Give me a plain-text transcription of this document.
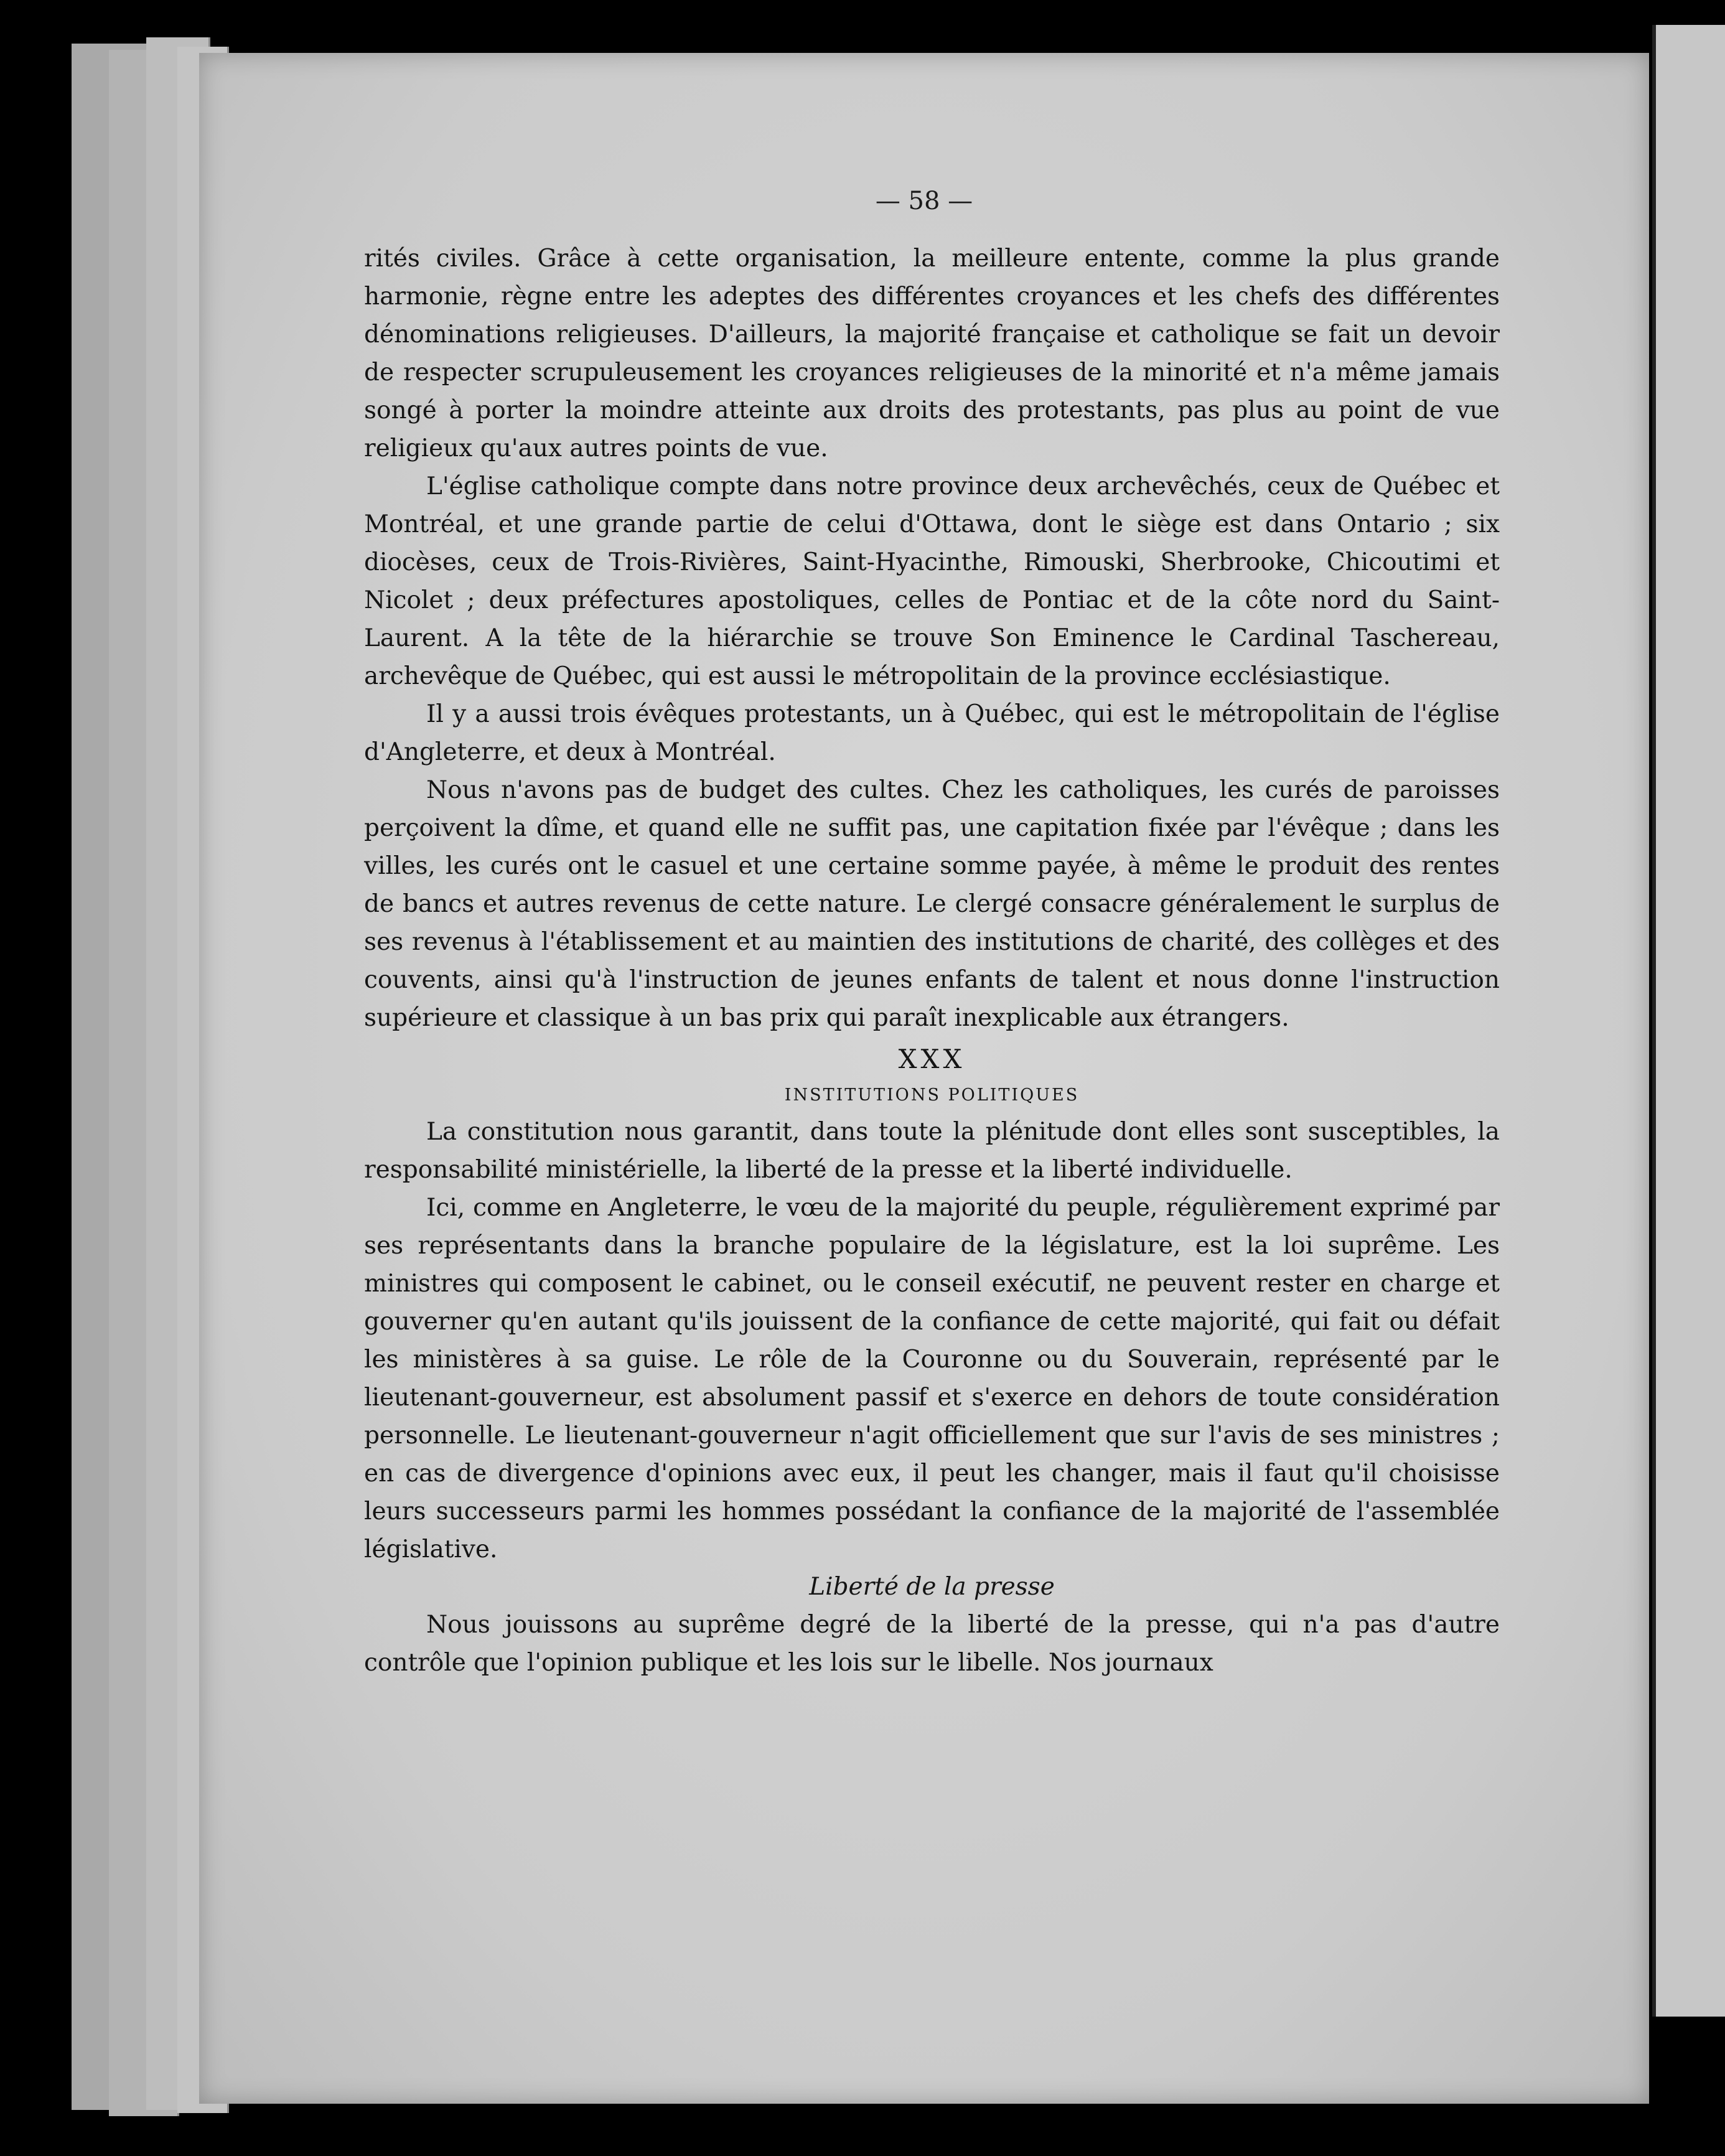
— 58 —

rités civiles. Grâce à cette organisation, la meilleure entente, comme la plus grande harmonie, règne entre les adeptes des différentes croyances et les chefs des différentes dénominations religieuses. D'ailleurs, la majorité française et catholique se fait un devoir de respecter scrupuleusement les croyances religieuses de la minorité et n'a même jamais songé à porter la moindre atteinte aux droits des protestants, pas plus au point de vue religieux qu'aux autres points de vue.

L'église catholique compte dans notre province deux archevêchés, ceux de Québec et Montréal, et une grande partie de celui d'Ottawa, dont le siège est dans Ontario ; six diocèses, ceux de Trois-Rivières, Saint-Hyacinthe, Rimouski, Sherbrooke, Chicoutimi et Nicolet ; deux préfectures apostoliques, celles de Pontiac et de la côte nord du Saint-Laurent. A la tête de la hiérarchie se trouve Son Eminence le Cardinal Taschereau, archevêque de Québec, qui est aussi le métropolitain de la province ecclésiastique.

Il y a aussi trois évêques protestants, un à Québec, qui est le métropolitain de l'église d'Angleterre, et deux à Montréal.

Nous n'avons pas de budget des cultes. Chez les catholiques, les curés de paroisses perçoivent la dîme, et quand elle ne suffit pas, une capitation fixée par l'évêque ; dans les villes, les curés ont le casuel et une certaine somme payée, à même le produit des rentes de bancs et autres revenus de cette nature. Le clergé consacre généralement le surplus de ses revenus à l'établissement et au maintien des institutions de charité, des collèges et des couvents, ainsi qu'à l'instruction de jeunes enfants de talent et nous donne l'instruction supérieure et classique à un bas prix qui paraît inexplicable aux étrangers.

XXX
INSTITUTIONS POLITIQUES

La constitution nous garantit, dans toute la plénitude dont elles sont susceptibles, la responsabilité ministérielle, la liberté de la presse et la liberté individuelle.

Ici, comme en Angleterre, le vœu de la majorité du peuple, régulièrement exprimé par ses représentants dans la branche populaire de la législature, est la loi suprême. Les ministres qui composent le cabinet, ou le conseil exécutif, ne peuvent rester en charge et gouverner qu'en autant qu'ils jouissent de la confiance de cette majorité, qui fait ou défait les ministères à sa guise. Le rôle de la Couronne ou du Souverain, représenté par le lieutenant-gouverneur, est absolument passif et s'exerce en dehors de toute considération personnelle. Le lieutenant-gouverneur n'agit officiellement que sur l'avis de ses ministres ; en cas de divergence d'opinions avec eux, il peut les changer, mais il faut qu'il choisisse leurs successeurs parmi les hommes possédant la confiance de la majorité de l'assemblée législative.

Liberté de la presse

Nous jouissons au suprême degré de la liberté de la presse, qui n'a pas d'autre contrôle que l'opinion publique et les lois sur le libelle. Nos journaux
